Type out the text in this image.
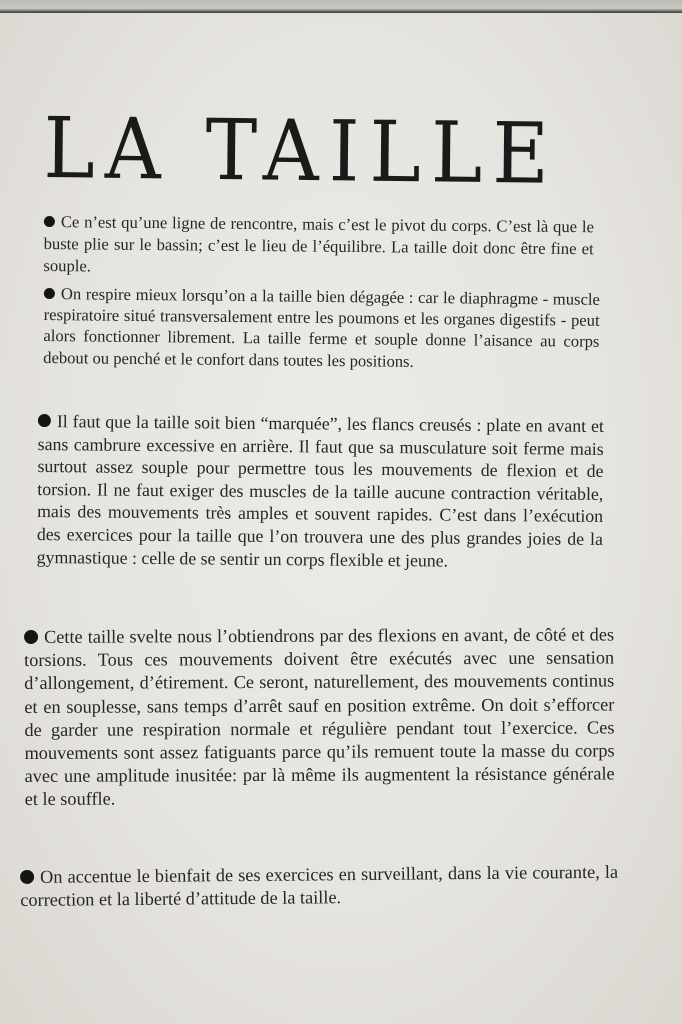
LA TAILLE

Ce n’est qu’une ligne de rencontre, mais c’est le pivot du corps. C’est là que le buste plie sur le bassin; c’est le lieu de l’équilibre. La taille doit donc être fine et souple.

On respire mieux lorsqu’on a la taille bien dégagée : car le diaphragme - muscle respiratoire situé transversalement entre les poumons et les organes digestifs - peut alors fonctionner librement. La taille ferme et souple donne l’aisance au corps debout ou penché et le confort dans toutes les positions.

Il faut que la taille soit bien “marquée”, les flancs creusés : plate en avant et sans cambrure excessive en arrière. Il faut que sa musculature soit ferme mais surtout assez souple pour permettre tous les mouvements de flexion et de torsion. Il ne faut exiger des muscles de la taille aucune contraction véritable, mais des mouvements très amples et souvent rapides. C’est dans l’exécution des exercices pour la taille que l’on trouvera une des plus grandes joies de la gymnastique : celle de se sentir un corps flexible et jeune.

Cette taille svelte nous l’obtiendrons par des flexions en avant, de côté et des torsions. Tous ces mouvements doivent être exécutés avec une sensation d’allongement, d’étirement. Ce seront, naturellement, des mouvements continus et en souplesse, sans temps d’arrêt sauf en position extrême. On doit s’efforcer de garder une respiration normale et régulière pendant tout l’exercice. Ces mouvements sont assez fatiguants parce qu’ils remuent toute la masse du corps avec une amplitude inusitée: par là même ils augmentent la résistance générale et le souffle.

On accentue le bienfait de ses exercices en surveillant, dans la vie courante, la correction et la liberté d’attitude de la taille.
